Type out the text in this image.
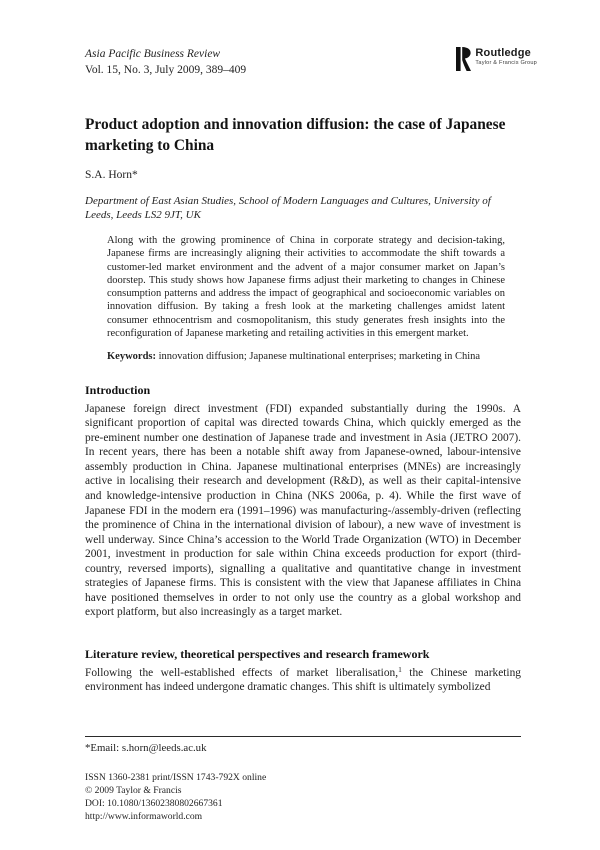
Asia Pacific Business Review
Vol. 15, No. 3, July 2009, 389–409
Routledge
Taylor & Francis Group
Product adoption and innovation diffusion: the case of Japanese marketing to China
S.A. Horn*
Department of East Asian Studies, School of Modern Languages and Cultures, University of Leeds, Leeds LS2 9JT, UK
Along with the growing prominence of China in corporate strategy and decision-taking, Japanese firms are increasingly aligning their activities to accommodate the shift towards a customer-led market environment and the advent of a major consumer market on Japan’s doorstep. This study shows how Japanese firms adjust their marketing to changes in Chinese consumption patterns and address the impact of geographical and socioeconomic variables on innovation diffusion. By taking a fresh look at the marketing challenges amidst latent consumer ethnocentrism and cosmopolitanism, this study generates fresh insights into the reconfiguration of Japanese marketing and retailing activities in this emergent market.
Keywords: innovation diffusion; Japanese multinational enterprises; marketing in China
Introduction

Japanese foreign direct investment (FDI) expanded substantially during the 1990s. A significant proportion of capital was directed towards China, which quickly emerged as the pre-eminent number one destination of Japanese trade and investment in Asia (JETRO 2007). In recent years, there has been a notable shift away from Japanese-owned, labour-intensive assembly production in China. Japanese multinational enterprises (MNEs) are increasingly active in localising their research and development (R&D), as well as their capital-intensive and knowledge-intensive production in China (NKS 2006a, p. 4). While the first wave of Japanese FDI in the modern era (1991–1996) was manufacturing-/assembly-driven (reflecting the prominence of China in the international division of labour), a new wave of investment is well underway. Since China’s accession to the World Trade Organization (WTO) in December 2001, investment in production for sale within China exceeds production for export (third-country, reversed imports), signalling a qualitative and quantitative change in investment strategies of Japanese firms. This is consistent with the view that Japanese affiliates in China have positioned themselves in order to not only use the country as a global workshop and export platform, but also increasingly as a target market.

Literature review, theoretical perspectives and research framework

Following the well-established effects of market liberalisation,$^1$ the Chinese marketing environment has indeed undergone dramatic changes. This shift is ultimately symbolized

*Email: s.horn@leeds.ac.uk
ISSN 1360-2381 print/ISSN 1743-792X online
© 2009 Taylor & Francis
DOI: 10.1080/13602380802667361
http://www.informaworld.com
